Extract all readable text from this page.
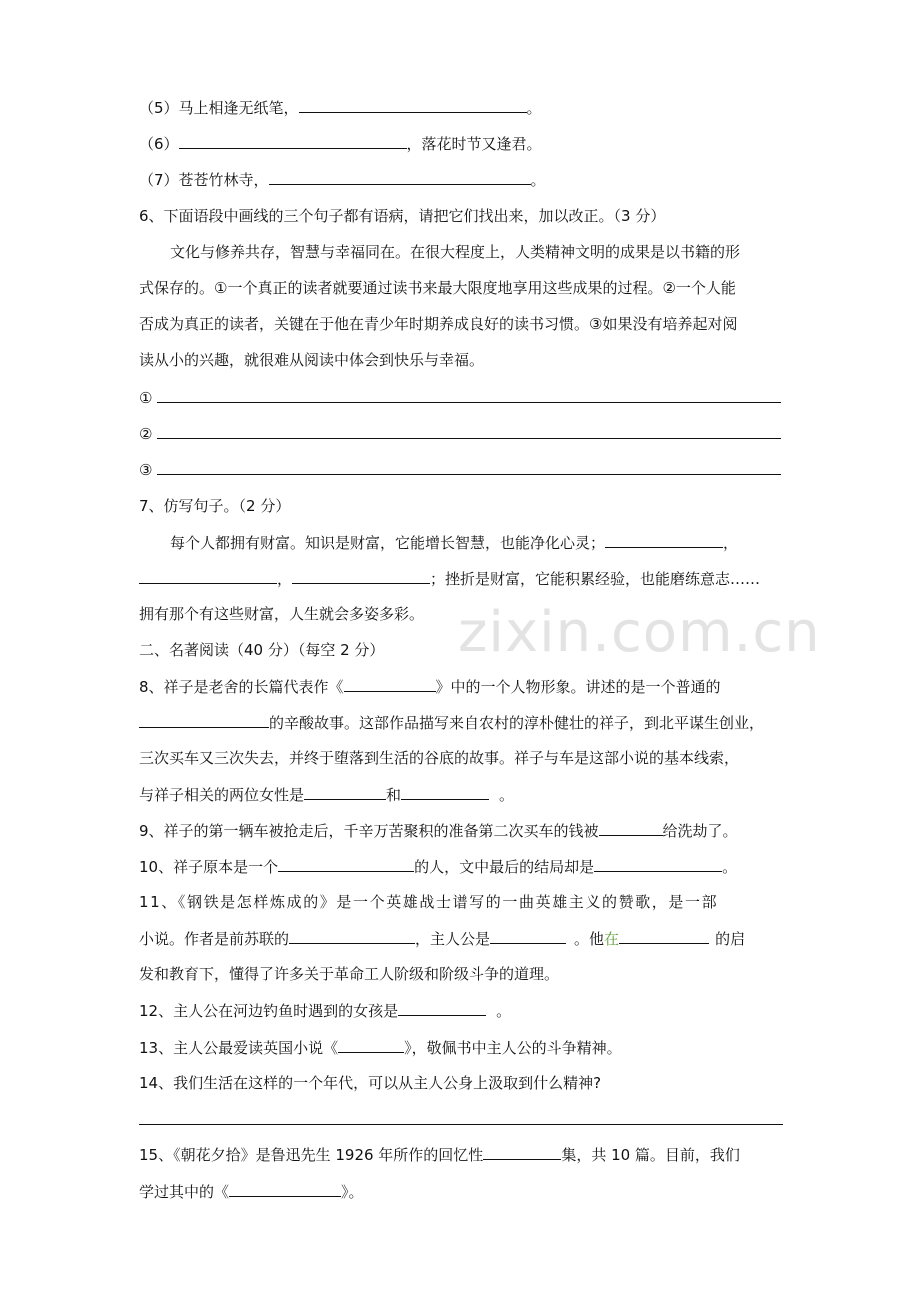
zixin.com.cn
（5）马上相逢无纸笔，	。
（6）	，落花时节又逢君。
（7）苍苍竹林寺，	。
6、下面语段中画线的三个句子都有语病，请把它们找出来，加以改正。（3 分）
文化与修养共存，智慧与幸福同在。在很大程度上，人类精神文明的成果是以书籍的形
式保存的。①一个真正的读者就要通过读书来最大限度地享用这些成果的过程。②一个人能
否成为真正的读者，关键在于他在青少年时期养成良好的读书习惯。③如果没有培养起对阅
读从小的兴趣，就很难从阅读中体会到快乐与幸福。
①
②
③
7、仿写句子。（2 分）
每个人都拥有财富。知识是财富，它能增长智慧，也能净化心灵；	，
，	；挫折是财富，它能积累经验，也能磨练意志……
拥有那个有这些财富，人生就会多姿多彩。
二、名著阅读（40 分）（每空 2 分）
8、祥子是老舍的长篇代表作《	》中的一个人物形象。讲述的是一个普通的
的辛酸故事。这部作品描写来自农村的淳朴健壮的祥子，到北平谋生创业，
三次买车又三次失去，并终于堕落到生活的谷底的故事。祥子与车是这部小说的基本线索，
与祥子相关的两位女性是	和	。
9、祥子的第一辆车被抢走后，千辛万苦聚积的准备第二次买车的钱被	给洗劫了。
10、祥子原本是一个	的人，文中最后的结局却是	。
11、《钢铁是怎样炼成的》是一个英雄战士谱写的一曲英雄主义的赞歌，是一部
小说。作者是前苏联的	，主人公是	。他在	的启
发和教育下，懂得了许多关于革命工人阶级和阶级斗争的道理。
12、主人公在河边钓鱼时遇到的女孩是	。
13、主人公最爱读英国小说《	》，敬佩书中主人公的斗争精神。
14、我们生活在这样的一个年代，可以从主人公身上汲取到什么精神?
15、《朝花夕拾》是鲁迅先生 1926 年所作的回忆性	集，共 10 篇。目前，我们
学过其中的《	》。
